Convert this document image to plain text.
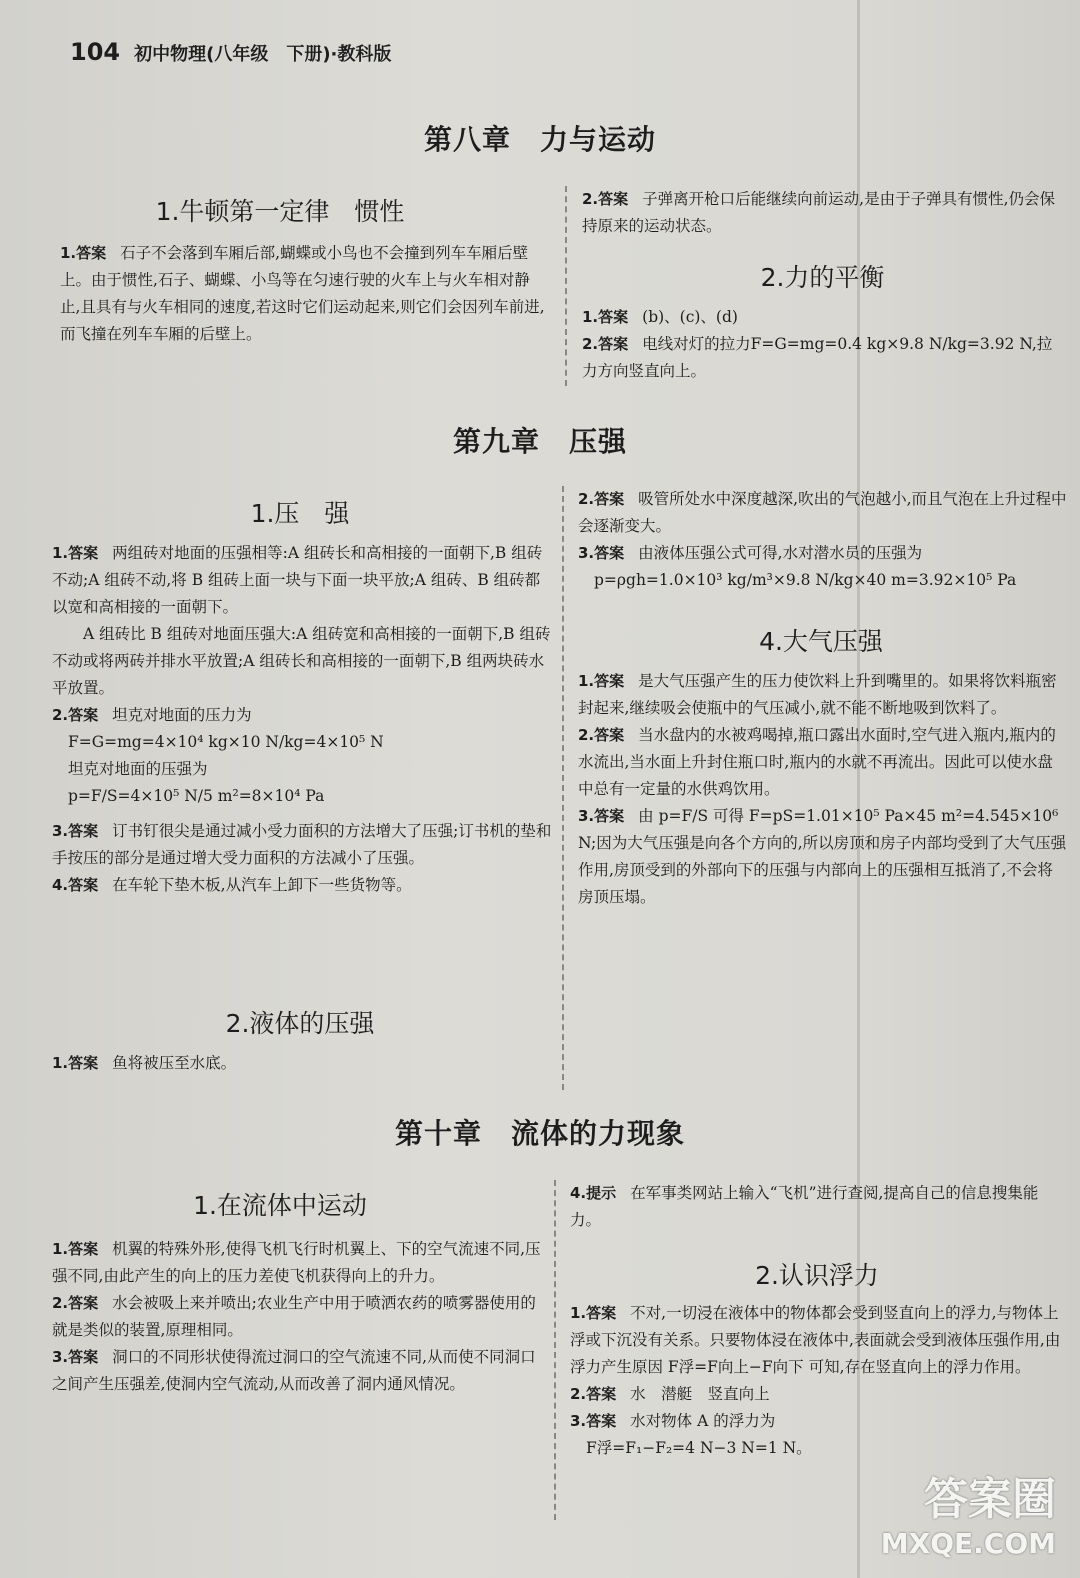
104 初中物理(八年级　下册)·教科版
第八章　力与运动
1.牛顿第一定律　惯性

1.答案 石子不会落到车厢后部,蝴蝶或小鸟也不会撞到列车车厢后壁上。由于惯性,石子、蝴蝶、小鸟等在匀速行驶的火车上与火车相对静止,且具有与火车相同的速度,若这时它们运动起来,则它们会因列车前进,而飞撞在列车车厢的后壁上。

2.答案 子弹离开枪口后能继续向前运动,是由于子弹具有惯性,仍会保持原来的运动状态。

2.力的平衡

1.答案 (b)、(c)、(d)

2.答案 电线对灯的拉力F=G=mg=0.4 kg×9.8 N/kg=3.92 N,拉力方向竖直向上。

第九章　压强
1.压　强

1.答案 两组砖对地面的压强相等:A 组砖长和高相接的一面朝下,B 组砖不动;A 组砖不动,将 B 组砖上面一块与下面一块平放;A 组砖、B 组砖都以宽和高相接的一面朝下。

A 组砖比 B 组砖对地面压强大:A 组砖宽和高相接的一面朝下,B 组砖不动或将两砖并排水平放置;A 组砖长和高相接的一面朝下,B 组两块砖水平放置。

2.答案 坦克对地面的压力为

F=G=mg=4×10⁴ kg×10 N/kg=4×10⁵ N

坦克对地面的压强为

p=F/S=4×10⁵ N/5 m²=8×10⁴ Pa

3.答案 订书钉很尖是通过减小受力面积的方法增大了压强;订书机的垫和手按压的部分是通过增大受力面积的方法减小了压强。

4.答案 在车轮下垫木板,从汽车上卸下一些货物等。

2.液体的压强

1.答案 鱼将被压至水底。

2.答案 吸管所处水中深度越深,吹出的气泡越小,而且气泡在上升过程中会逐渐变大。

3.答案 由液体压强公式可得,水对潜水员的压强为

p=ρgh=1.0×10³ kg/m³×9.8 N/kg×40 m=3.92×10⁵ Pa

4.大气压强

1.答案 是大气压强产生的压力使饮料上升到嘴里的。如果将饮料瓶密封起来,继续吸会使瓶中的气压减小,就不能不断地吸到饮料了。

2.答案 当水盘内的水被鸡喝掉,瓶口露出水面时,空气进入瓶内,瓶内的水流出,当水面上升封住瓶口时,瓶内的水就不再流出。因此可以使水盘中总有一定量的水供鸡饮用。

3.答案 由 p=F/S 可得 F=pS=1.01×10⁵ Pa×45 m²=4.545×10⁶ N;因为大气压强是向各个方向的,所以房顶和房子内部均受到了大气压强作用,房顶受到的外部向下的压强与内部向上的压强相互抵消了,不会将房顶压塌。

第十章　流体的力现象
1.在流体中运动

1.答案 机翼的特殊外形,使得飞机飞行时机翼上、下的空气流速不同,压强不同,由此产生的向上的压力差使飞机获得向上的升力。

2.答案 水会被吸上来并喷出;农业生产中用于喷洒农药的喷雾器使用的就是类似的装置,原理相同。

3.答案 洞口的不同形状使得流过洞口的空气流速不同,从而使不同洞口之间产生压强差,使洞内空气流动,从而改善了洞内通风情况。

4.提示 在军事类网站上输入“飞机”进行查阅,提高自己的信息搜集能力。

2.认识浮力

1.答案 不对,一切浸在液体中的物体都会受到竖直向上的浮力,与物体上浮或下沉没有关系。只要物体浸在液体中,表面就会受到液体压强作用,由浮力产生原因 F浮=F向上−F向下 可知,存在竖直向上的浮力作用。

2.答案 水　潜艇　竖直向上

3.答案 水对物体 A 的浮力为

F浮=F₁−F₂=4 N−3 N=1 N。

答案圈
MXQE.COM
